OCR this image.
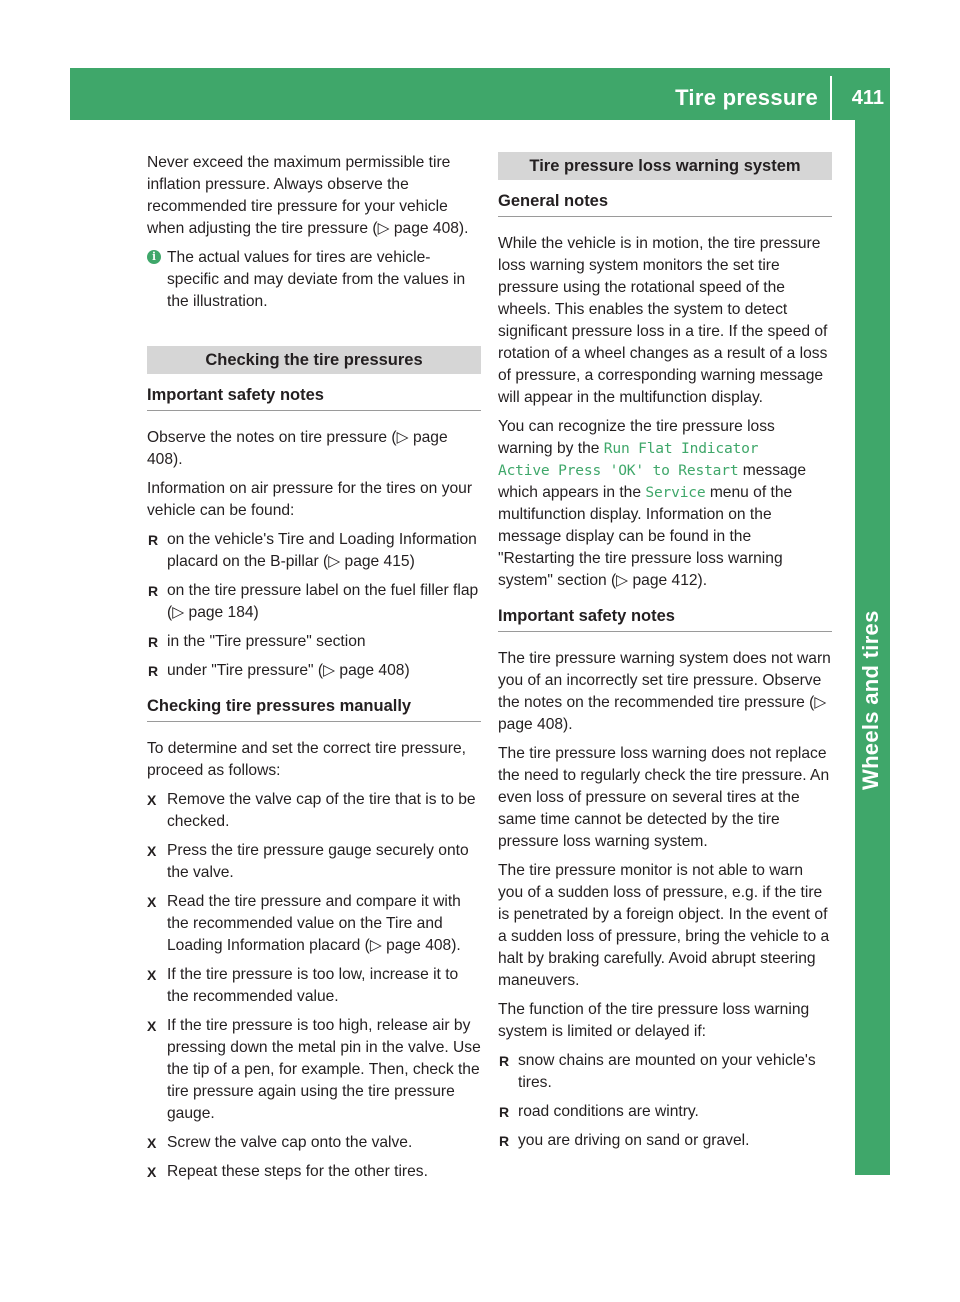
Tire pressure 411
Wheels and tires

Never exceed the maximum permissible tire inflation pressure. Always observe the recommended tire pressure for your vehicle when adjusting the tire pressure (▷ page 408).

i The actual values for tires are vehicle-specific and may deviate from the values in the illustration.
Checking the tire pressures
Important safety notes

Observe the notes on tire pressure (▷ page 408).

Information on air pressure for the tires on your vehicle can be found:

R on the vehicle's Tire and Loading Information placard on the B-pillar (▷ page 415)
R on the tire pressure label on the fuel filler flap (▷ page 184)
R in the "Tire pressure" section
R under "Tire pressure" (▷ page 408)
Checking tire pressures manually

To determine and set the correct tire pressure, proceed as follows:

X Remove the valve cap of the tire that is to be checked.
X Press the tire pressure gauge securely onto the valve.
X Read the tire pressure and compare it with the recommended value on the Tire and Loading Information placard (▷ page 408).
X If the tire pressure is too low, increase it to the recommended value.
X If the tire pressure is too high, release air by pressing down the metal pin in the valve. Use the tip of a pen, for example. Then, check the tire pressure again using the tire pressure gauge.
X Screw the valve cap onto the valve.
X Repeat these steps for the other tires.
Tire pressure loss warning system
General notes

While the vehicle is in motion, the tire pressure loss warning system monitors the set tire pressure using the rotational speed of the wheels. This enables the system to detect significant pressure loss in a tire. If the speed of rotation of a wheel changes as a result of a loss of pressure, a corresponding warning message will appear in the multifunction display.

You can recognize the tire pressure loss warning by the Run Flat Indicator
Active Press 'OK' to Restart message which appears in the Service menu of the multifunction display. Information on the message display can be found in the "Restarting the tire pressure loss warning system" section (▷ page 412).

Important safety notes

The tire pressure warning system does not warn you of an incorrectly set tire pressure. Observe the notes on the recommended tire pressure (▷ page 408).

The tire pressure loss warning does not replace the need to regularly check the tire pressure. An even loss of pressure on several tires at the same time cannot be detected by the tire pressure loss warning system.

The tire pressure monitor is not able to warn you of a sudden loss of pressure, e.g. if the tire is penetrated by a foreign object. In the event of a sudden loss of pressure, bring the vehicle to a halt by braking carefully. Avoid abrupt steering maneuvers.

The function of the tire pressure loss warning system is limited or delayed if:

R snow chains are mounted on your vehicle's tires.
R road conditions are wintry.
R you are driving on sand or gravel.
